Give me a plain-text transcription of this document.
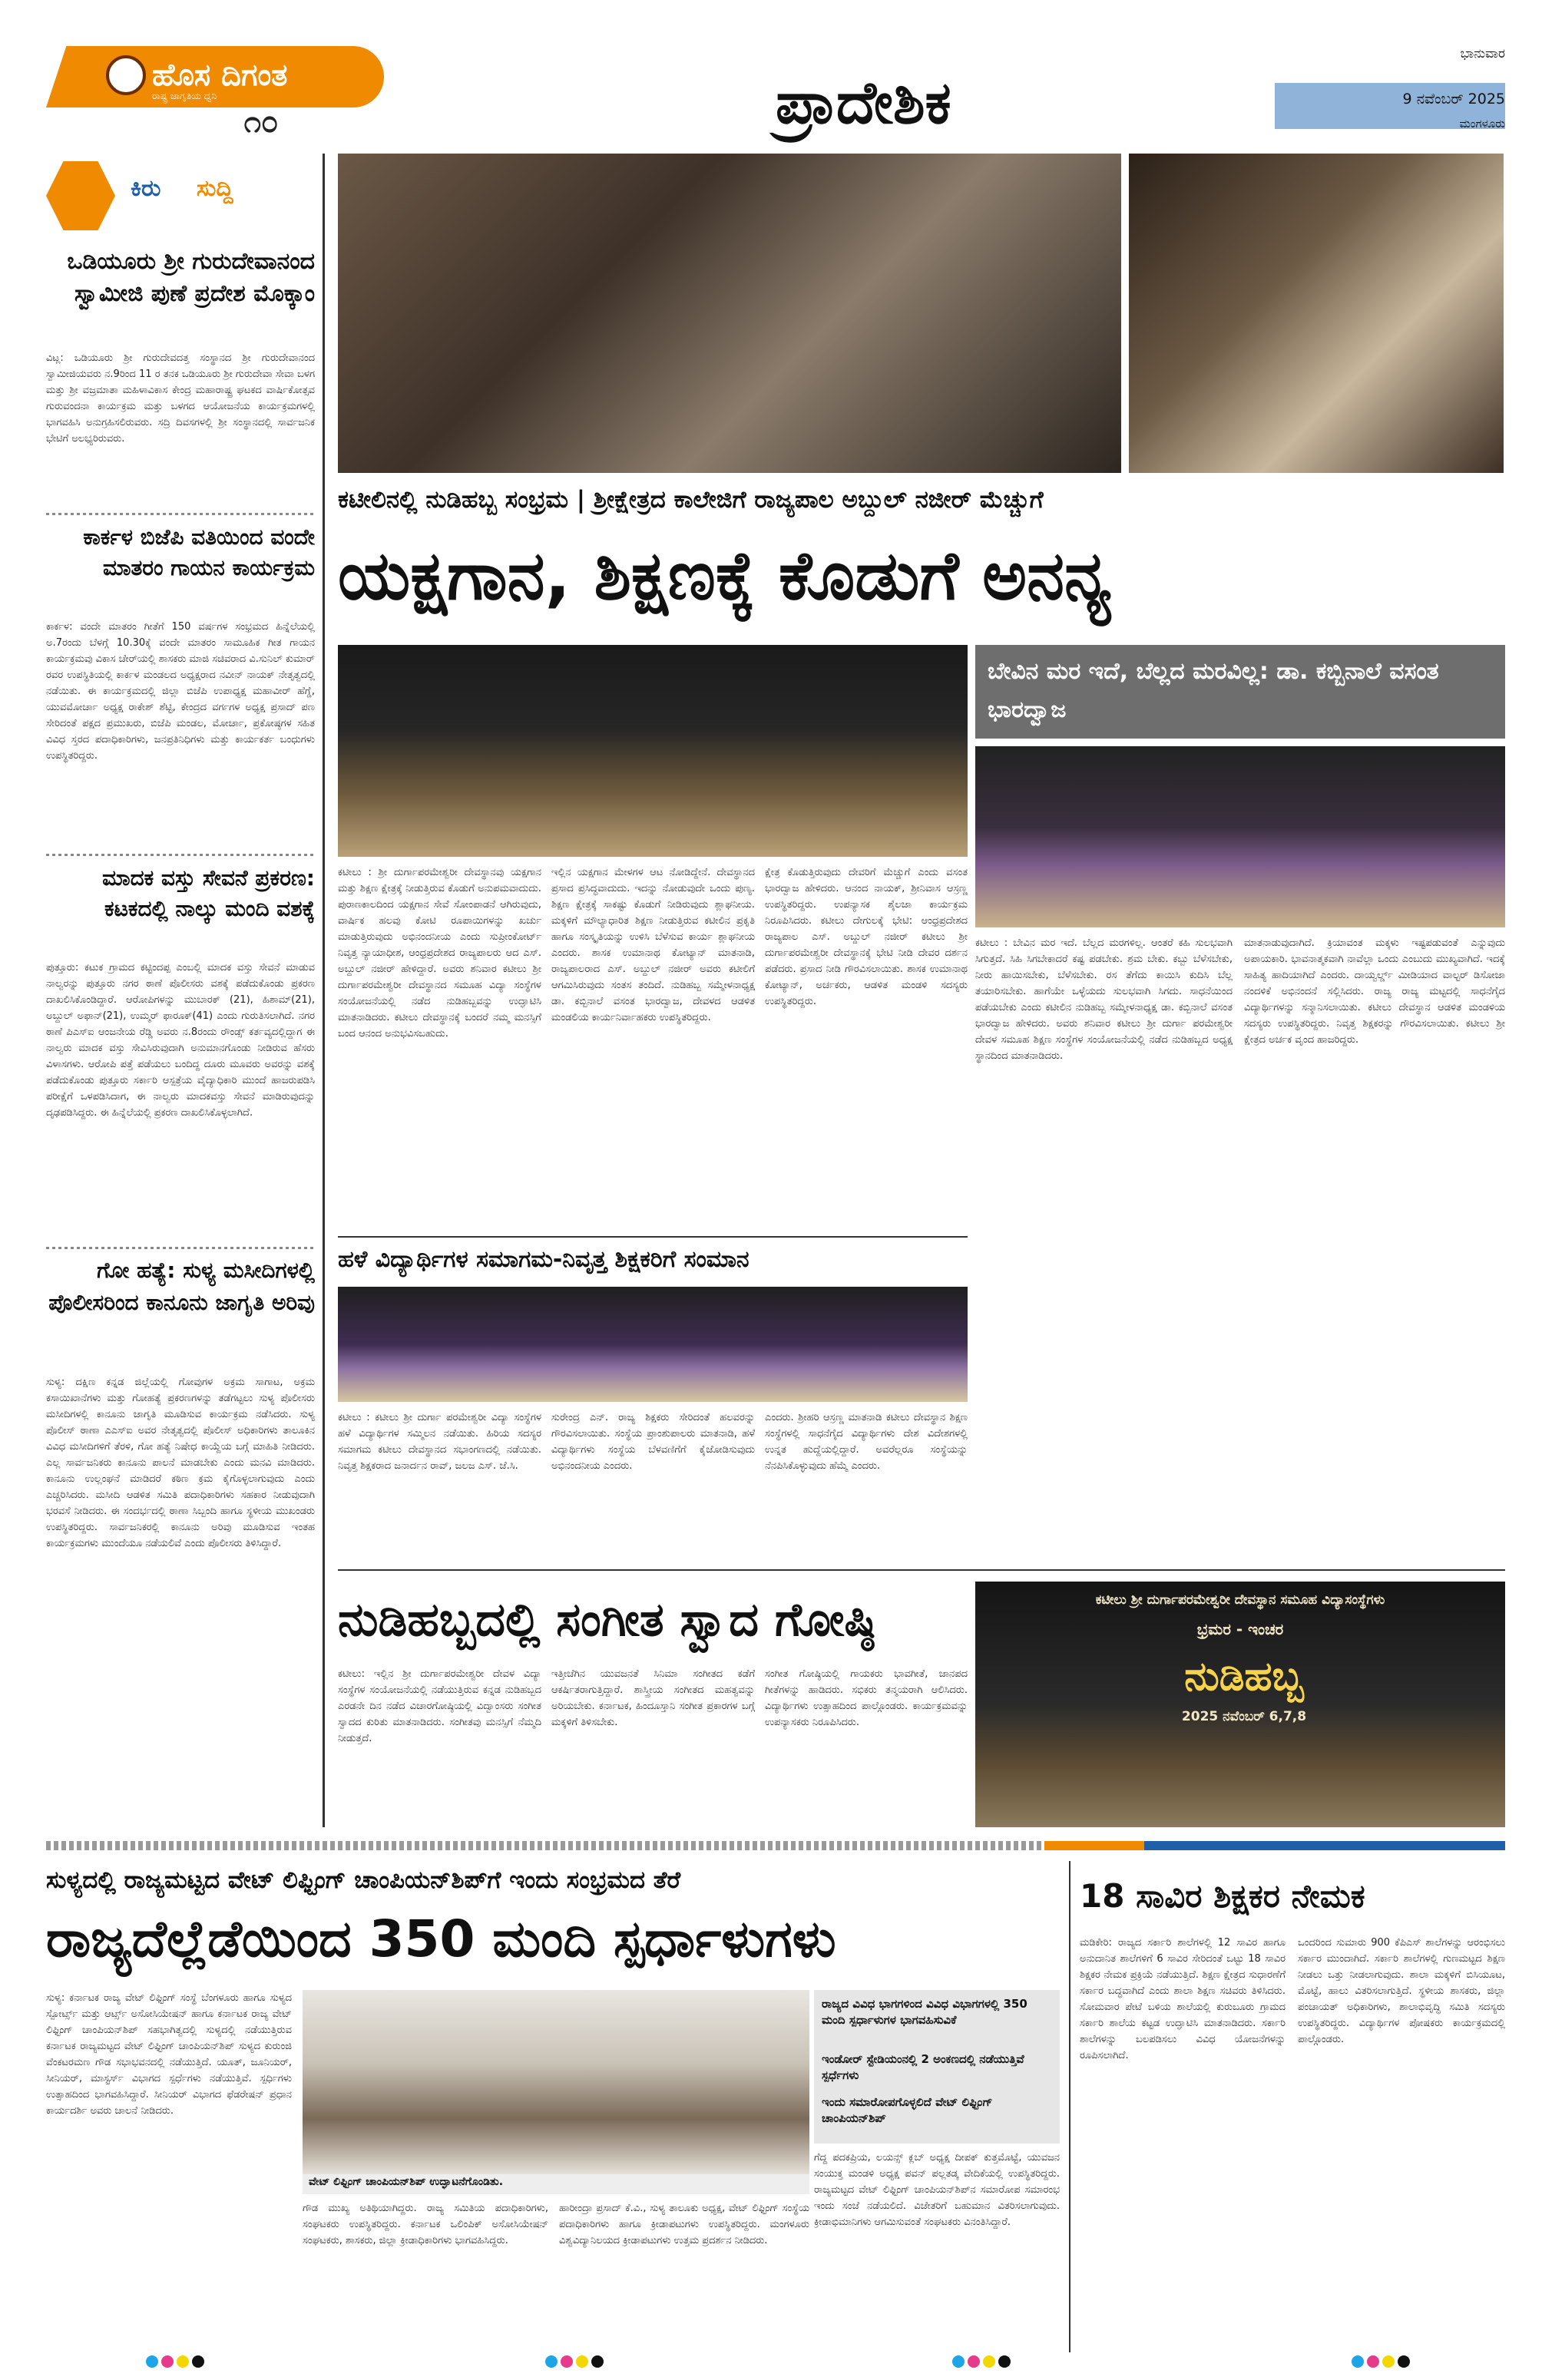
ಹೊಸ ದಿಗಂತ
ರಾಷ್ಟ್ರ ಜಾಗೃತಿಯ ಧ್ವನಿ
೧೦	ಪ್ರಾದೇಶಿಕ
ಭಾನುವಾರ
9 ನವೆಂಬರ್ 2025
ಮಂಗಳೂರು
ಕಿರು	ಸುದ್ದಿ
ಒಡಿಯೂರು ಶ್ರೀ ಗುರುದೇವಾನಂದ ಸ್ವಾಮೀಜಿ ಪುಣೆ ಪ್ರದೇಶ ಮೊಕ್ಕಾಂ
ವಿಟ್ಲ: ಒಡಿಯೂರು ಶ್ರೀ ಗುರುದೇವದತ್ತ ಸಂಸ್ಥಾನದ ಶ್ರೀ ಗುರುದೇವಾನಂದ ಸ್ವಾಮೀಜಿಯವರು ನ.9ರಿಂದ 11 ರ ತನಕ ಒಡಿಯೂರು ಶ್ರೀ ಗುರುದೇವಾ ಸೇವಾ ಬಳಗ ಮತ್ತು ಶ್ರೀ ವಜ್ರಮಾತಾ ಮಹಿಳಾವಿಕಾಸ ಕೇಂದ್ರ ಮಹಾರಾಷ್ಟ್ರ ಘಟಕದ ವಾರ್ಷಿಕೋತ್ಸವ ಗುರುವಂದನಾ ಕಾರ್ಯಕ್ರಮ ಮತ್ತು ಬಳಗದ ಆಯೋಜನೆಯ ಕಾರ್ಯಕ್ರಮಗಳಲ್ಲಿ ಭಾಗವಹಿಸಿ ಅನುಗ್ರಹಿಸಲಿರುವರು. ಸದ್ರಿ ದಿವಸಗಳಲ್ಲಿ ಶ್ರೀ ಸಂಸ್ಥಾನದಲ್ಲಿ ಸಾರ್ವಜನಿಕ ಭೇಟಿಗೆ ಅಲಭ್ಯರಿರುವರು.
ಕಾರ್ಕಳ ಬಿಜೆಪಿ ವತಿಯಿಂದ ವಂದೇ ಮಾತರಂ ಗಾಯನ ಕಾರ್ಯಕ್ರಮ
ಕಾರ್ಕಳ: ವಂದೇ ಮಾತರಂ ಗೀತೆಗೆ 150 ವರ್ಷಗಳ ಸಂಭ್ರಮದ ಹಿನ್ನೆಲೆಯಲ್ಲಿ ಅ.7ರಂದು ಬೆಳಗ್ಗೆ 10.30ಕ್ಕೆ ವಂದೇ ಮಾತರಂ ಸಾಮೂಹಿಕ ಗೀತ ಗಾಯನ ಕಾರ್ಯಕ್ರಮವು ವಿಕಾಸ ಚೇರ್‌ಯಲ್ಲಿ ಶಾಸಕರು ಮಾಜಿ ಸಚಿವರಾದ ವಿ.ಸುನಿಲ್ ಕುಮಾರ್ ರವರ ಉಪಸ್ಥಿತಿಯಲ್ಲಿ ಕಾರ್ಕಳ ಮಂಡಲದ ಅಧ್ಯಕ್ಷರಾದ ನವೀನ್ ನಾಯಕ್ ನೇತೃತ್ವದಲ್ಲಿ ನಡೆಯಿತು. ಈ ಕಾರ್ಯಕ್ರಮದಲ್ಲಿ ಜಿಲ್ಲಾ ಬಿಜೆಪಿ ಉಪಾಧ್ಯಕ್ಷ ಮಹಾವೀರ್ ಹೆಗ್ಡೆ, ಯುವಮೋರ್ಚಾ ಅಧ್ಯಕ್ಷ ರಾಕೇಶ್ ಶೆಟ್ಟಿ, ಕೇಂದ್ರದ ವರ್ಗಗಳ ಅಧ್ಯಕ್ಷ ಪ್ರಸಾದ್ ಪಣ ಸೇರಿದಂತೆ ಪಕ್ಷದ ಪ್ರಮುಖರು, ಬಿಜೆಪಿ ಮಂಡಲ, ಮೋರ್ಚಾ, ಪ್ರಕೋಷ್ಠಗಳ ಸಹಿತ ವಿವಿಧ ಸ್ತರದ ಪದಾಧಿಕಾರಿಗಳು, ಜನಪ್ರತಿನಿಧಿಗಳು ಮತ್ತು ಕಾರ್ಯಕರ್ತ ಬಂಧುಗಳು ಉಪಸ್ಥಿತರಿದ್ದರು.
ಮಾದಕ ವಸ್ತು ಸೇವನೆ ಪ್ರಕರಣ: ಕಟಕದಲ್ಲಿ ನಾಲ್ಕು ಮಂದಿ ವಶಕ್ಕೆ
ಪುತ್ತೂರು: ಕಟುಕ ಗ್ರಾಮದ ಕಟ್ಟಿಂದಪ್ಪ ಎಂಬಲ್ಲಿ ಮಾದಕ ವಸ್ತು ಸೇವನೆ ಮಾಡುವ ನಾಲ್ವರನ್ನು ಪುತ್ತೂರು ನಗರ ಠಾಣೆ ಪೊಲೀಸರು ವಶಕ್ಕೆ ಪಡೆದುಕೊಂಡು ಪ್ರಕರಣ ದಾಖಲಿಸಿಕೊಂಡಿದ್ದಾರೆ. ಆರೋಪಿಗಳನ್ನು ಮುಬಾರಕ್ (21), ಹಿಶಾಮ್(21), ಅಬ್ದುಲ್ ಅಫಾನ್(21), ಉಮ್ಮರ್ ಫಾರೂಕ್(41) ಎಂದು ಗುರುತಿಸಲಾಗಿದೆ. ನಗರ ಠಾಣೆ ಪಿಎಸ್ಐ ಆಂಜನೇಯ ರೆಡ್ಡಿ ಅವರು ನ.8ರಂದು ರೌಂಡ್ಸ್ ಕರ್ತವ್ಯದಲ್ಲಿದ್ದಾಗ ಈ ನಾಲ್ವರು ಮಾದಕ ವಸ್ತು ಸೇವಿಸಿರುವುದಾಗಿ ಅನುಮಾನಗೊಂಡು ನೀಡಿರುವ ಹೆಸರು ವಿಳಾಸಗಳು. ಆರೋಪಿ ಪತ್ತೆ ಪಡೆಯಲು ಬಂದಿದ್ದ ದೂರು ಮೂವರು ಅವರನ್ನು ವಶಕ್ಕೆ ಪಡೆದುಕೊಂಡು ಪುತ್ತೂರು ಸರ್ಕಾರಿ ಆಸ್ಪತ್ರೆಯ ವೈದ್ಯಾಧಿಕಾರಿ ಮುಂದೆ ಹಾಜರುಪಡಿಸಿ ಪರೀಕ್ಷೆಗೆ ಒಳಪಡಿಸಿದಾಗ, ಈ ನಾಲ್ವರು ಮಾದಕವಸ್ತು ಸೇವನೆ ಮಾಡಿರುವುದನ್ನು ದೃಢಪಡಿಸಿದ್ದರು. ಈ ಹಿನ್ನೆಲೆಯಲ್ಲಿ ಪ್ರಕರಣ ದಾಖಲಿಸಿಕೊಳ್ಳಲಾಗಿದೆ.
ಗೋ ಹತ್ಯೆ: ಸುಳ್ಯ ಮಸೀದಿಗಳಲ್ಲಿ ಪೊಲೀಸರಿಂದ ಕಾನೂನು ಜಾಗೃತಿ ಅರಿವು
ಸುಳ್ಯ: ದಕ್ಷಿಣ ಕನ್ನಡ ಜಿಲ್ಲೆಯಲ್ಲಿ ಗೋವುಗಳ ಅಕ್ರಮ ಸಾಗಾಟ, ಅಕ್ರಮ ಕಸಾಯಿಖಾನೆಗಳು ಮತ್ತು ಗೋಹತ್ಯೆ ಪ್ರಕರಣಗಳನ್ನು ತಡೆಗಟ್ಟಲು ಸುಳ್ಯ ಪೊಲೀಸರು ಮಸೀದಿಗಳಲ್ಲಿ ಕಾನೂನು ಜಾಗೃತಿ ಮೂಡಿಸುವ ಕಾರ್ಯಕ್ರಮ ನಡೆಸಿದರು. ಸುಳ್ಯ ಪೊಲೀಸ್ ಠಾಣಾ ಎಎಸ್ಐ ಅವರ ನೇತೃತ್ವದಲ್ಲಿ ಪೊಲೀಸ್ ಅಧಿಕಾರಿಗಳು ತಾಲೂಕಿನ ವಿವಿಧ ಮಸೀದಿಗಳಿಗೆ ತೆರಳಿ, ಗೋ ಹತ್ಯೆ ನಿಷೇಧ ಕಾಯ್ದೆಯ ಬಗ್ಗೆ ಮಾಹಿತಿ ನೀಡಿದರು. ಎಲ್ಲ ಸಾರ್ವಜನಿಕರು ಕಾನೂನು ಪಾಲನೆ ಮಾಡಬೇಕು ಎಂದು ಮನವಿ ಮಾಡಿದರು. ಕಾನೂನು ಉಲ್ಲಂಘನೆ ಮಾಡಿದರೆ ಕಠಿಣ ಕ್ರಮ ಕೈಗೊಳ್ಳಲಾಗುವುದು ಎಂದು ಎಚ್ಚರಿಸಿದರು. ಮಸೀದಿ ಆಡಳಿತ ಸಮಿತಿ ಪದಾಧಿಕಾರಿಗಳು ಸಹಕಾರ ನೀಡುವುದಾಗಿ ಭರವಸೆ ನೀಡಿದರು. ಈ ಸಂದರ್ಭದಲ್ಲಿ ಠಾಣಾ ಸಿಬ್ಬಂದಿ ಹಾಗೂ ಸ್ಥಳೀಯ ಮುಖಂಡರು ಉಪಸ್ಥಿತರಿದ್ದರು. ಸಾರ್ವಜನಿಕರಲ್ಲಿ ಕಾನೂನು ಅರಿವು ಮೂಡಿಸುವ ಇಂತಹ ಕಾರ್ಯಕ್ರಮಗಳು ಮುಂದೆಯೂ ನಡೆಯಲಿವೆ ಎಂದು ಪೊಲೀಸರು ತಿಳಿಸಿದ್ದಾರೆ.
ಕಟೀಲಿನಲ್ಲಿ ನುಡಿಹಬ್ಬ ಸಂಭ್ರಮ | ಶ್ರೀಕ್ಷೇತ್ರದ ಕಾಲೇಜಿಗೆ ರಾಜ್ಯಪಾಲ ಅಬ್ದುಲ್ ನಜೀರ್ ಮೆಚ್ಚುಗೆ
ಯಕ್ಷಗಾನ, ಶಿಕ್ಷಣಕ್ಕೆ ಕೊಡುಗೆ ಅನನ್ಯ
ಕಟೀಲು : ಶ್ರೀ ದುರ್ಗಾಪರಮೇಶ್ವರೀ ದೇವಸ್ಥಾನವು ಯಕ್ಷಗಾನ ಮತ್ತು ಶಿಕ್ಷಣ ಕ್ಷೇತ್ರಕ್ಕೆ ನೀಡುತ್ತಿರುವ ಕೊಡುಗೆ ಅನುಪಮವಾದುದು. ಪುರಾಣಕಾಲದಿಂದ ಯಕ್ಷಗಾನ ಸೇವೆ ಸೋಂಪಾಡನೆ ಆಗಿರುವುದು, ವಾರ್ಷಿಕ ಹಲವು ಕೋಟಿ ರೂಪಾಯಿಗಳನ್ನು ಖರ್ಚು ಮಾಡುತ್ತಿರುವುದು ಅಭಿನಂದನೀಯ ಎಂದು ಸುಪ್ರೀಂಕೋರ್ಟ್ ನಿವೃತ್ತ ನ್ಯಾಯಾಧೀಶ, ಆಂಧ್ರಪ್ರದೇಶದ ರಾಜ್ಯಪಾಲರು ಆದ ಎಸ್. ಅಬ್ದುಲ್ ನಜೀರ್ ಹೇಳಿದ್ದಾರೆ. ಅವರು ಶನಿವಾರ ಕಟೀಲು ಶ್ರೀ ದುರ್ಗಾಪರಮೇಶ್ವರೀ ದೇವಸ್ಥಾನದ ಸಮೂಹ ವಿದ್ಯಾ ಸಂಸ್ಥೆಗಳ ಸಂಯೋಜನೆಯಲ್ಲಿ ನಡೆದ ನುಡಿಹಬ್ಬವನ್ನು ಉದ್ಘಾಟಿಸಿ ಮಾತನಾಡಿದರು. ಕಟೀಲು ದೇವಸ್ಥಾನಕ್ಕೆ ಬಂದರೆ ನಮ್ಮ ಮನಸ್ಸಿಗೆ ಬಂದ ಆನಂದ ಅನುಭವಿಸಬಹುದು.
ಇಲ್ಲಿನ ಯಕ್ಷಗಾನ ಮೇಳಗಳ ಆಟ ನೋಡಿದ್ದೇನೆ. ದೇವಸ್ಥಾನದ ಪ್ರಸಾದ ಪ್ರಸಿದ್ಧವಾದುದು. ಇದನ್ನು ನೋಡುವುದೇ ಒಂದು ಪುಣ್ಯ. ಶಿಕ್ಷಣ ಕ್ಷೇತ್ರಕ್ಕೆ ಸಾಕಷ್ಟು ಕೊಡುಗೆ ನೀಡಿರುವುದು ಶ್ಲಾಘನೀಯ. ಮಕ್ಕಳಿಗೆ ಮೌಲ್ಯಾಧಾರಿತ ಶಿಕ್ಷಣ ನೀಡುತ್ತಿರುವ ಕಟೀಲಿನ ಪ್ರಕೃತಿ ಹಾಗೂ ಸಂಸ್ಕೃತಿಯನ್ನು ಉಳಿಸಿ ಬೆಳೆಸುವ ಕಾರ್ಯ ಶ್ಲಾಘನೀಯ ಎಂದರು. ಶಾಸಕ ಉಮಾನಾಥ ಕೋಟ್ಯಾನ್ ಮಾತನಾಡಿ, ರಾಜ್ಯಪಾಲರಾದ ಎಸ್. ಅಬ್ದುಲ್ ನಜೀರ್ ಅವರು ಕಟೀಲಿಗೆ ಆಗಮಿಸಿರುವುದು ಸಂತಸ ತಂದಿದೆ. ನುಡಿಹಬ್ಬ ಸಮ್ಮೇಳನಾಧ್ಯಕ್ಷ ಡಾ. ಕಬ್ಬಿನಾಲೆ ವಸಂತ ಭಾರದ್ವಾಜ, ದೇವಳದ ಆಡಳಿತ ಮಂಡಲಿಯ ಕಾರ್ಯನಿರ್ವಾಹಕರು ಉಪಸ್ಥಿತರಿದ್ದರು.
ಕ್ಷೇತ್ರ ಕೊಡುತ್ತಿರುವುದು ದೇವರಿಗೆ ಮೆಚ್ಚುಗೆ ಎಂದು ವಸಂತ ಭಾರದ್ವಾಜ ಹೇಳಿದರು. ಆನಂದ ನಾಯಕ್, ಶ್ರೀನಿವಾಸ ಆಸ್ರಣ್ಣ ಉಪಸ್ಥಿತರಿದ್ದರು. ಉಪನ್ಯಾಸಕ ಶೈಲಜಾ ಕಾರ್ಯಕ್ರಮ ನಿರೂಪಿಸಿದರು. ಕಟೀಲು ದೇಗುಲಕ್ಕೆ ಭೇಟಿ: ಆಂಧ್ರಪ್ರದೇಶದ ರಾಜ್ಯಪಾಲ ಎಸ್. ಅಬ್ದುಲ್ ನಜೀರ್ ಕಟೀಲು ಶ್ರೀ ದುರ್ಗಾಪರಮೇಶ್ವರೀ ದೇವಸ್ಥಾನಕ್ಕೆ ಭೇಟಿ ನೀಡಿ ದೇವರ ದರ್ಶನ ಪಡೆದರು. ಪ್ರಸಾದ ನೀಡಿ ಗೌರವಿಸಲಾಯಿತು. ಶಾಸಕ ಉಮಾನಾಥ ಕೋಟ್ಯಾನ್, ಅರ್ಚಕರು, ಆಡಳಿತ ಮಂಡಳಿ ಸದಸ್ಯರು ಉಪಸ್ಥಿತರಿದ್ದರು.
ಬೇವಿನ ಮರ ಇದೆ, ಬೆಲ್ಲದ ಮರವಿಲ್ಲ: ಡಾ. ಕಬ್ಬಿನಾಲೆ ವಸಂತ ಭಾರದ್ವಾಜ
ಕಟೀಲು : ಬೇವಿನ ಮರ ಇದೆ. ಬೆಲ್ಲದ ಮರಗಳಿಲ್ಲ. ಆಂತರೆ ಕಹಿ ಸುಲಭವಾಗಿ ಸಿಗುತ್ತದೆ. ಸಿಹಿ ಸಿಗಬೇಕಾದರೆ ಕಷ್ಟ ಪಡಬೇಕು. ಶ್ರಮ ಬೇಕು. ಕಬ್ಬು ಬೆಳೆಸಬೇಕು, ನೀರು ಹಾಯಿಸಬೇಕು, ಬೆಳೆಸಬೇಕು. ರಸ ತೆಗೆದು ಕಾಯಿಸಿ ಕುದಿಸಿ ಬೆಲ್ಲ ತಯಾರಿಸಬೇಕು. ಹಾಗೆಯೇ ಒಳ್ಳೆಯದು ಸುಲಭವಾಗಿ ಸಿಗದು. ಸಾಧನೆಯಿಂದ ಪಡೆಯಬೇಕು ಎಂದು ಕಟೀಲಿನ ನುಡಿಹಬ್ಬ ಸಮ್ಮೇಳನಾಧ್ಯಕ್ಷ ಡಾ. ಕಬ್ಬಿನಾಲೆ ವಸಂತ ಭಾರದ್ವಾಜ ಹೇಳಿದರು. ಅವರು ಶನಿವಾರ ಕಟೀಲು ಶ್ರೀ ದುರ್ಗಾ ಪರಮೇಶ್ವರೀ ದೇವಳ ಸಮೂಹ ಶಿಕ್ಷಣ ಸಂಸ್ಥೆಗಳ ಸಂಯೋಜನೆಯಲ್ಲಿ ನಡೆದ ನುಡಿಹಬ್ಬದ ಅಧ್ಯಕ್ಷ ಸ್ಥಾನದಿಂದ ಮಾತನಾಡಿದರು.
ಮಾತನಾಡುವುದಾಗಿದೆ. ಕ್ರಿಯಾವಂತ ಮಕ್ಕಳು ಇಷ್ಟಪಡುವಂತೆ ಎನ್ನುವುದು ಅಪಾಯಕಾರಿ. ಭಾವನಾತ್ಮಕವಾಗಿ ನಾವೆಲ್ಲಾ ಒಂದು ಎಂಬುದು ಮುಖ್ಯವಾಗಿದೆ. ಇದಕ್ಕೆ ಸಾಹಿತ್ಯ ಹಾದಿಯಾಗಿದೆ ಎಂದರು. ದಾಯ್ವರ್ಲ್ಡ್ ಮೀಡಿಯಾದ ವಾಲ್ಟರ್ ಡಿಸೋಜಾ ನಂದಳಿಕೆ ಅಭಿನಂದನೆ ಸಲ್ಲಿಸಿದರು. ರಾಜ್ಯ ರಾಜ್ಯ ಮಟ್ಟದಲ್ಲಿ ಸಾಧನೆಗೈದ ವಿದ್ಯಾರ್ಥಿಗಳನ್ನು ಸನ್ಮಾನಿಸಲಾಯಿತು. ಕಟೀಲು ದೇವಸ್ಥಾನ ಆಡಳಿತ ಮಂಡಳಿಯ ಸದಸ್ಯರು ಉಪಸ್ಥಿತರಿದ್ದರು. ನಿವೃತ್ತ ಶಿಕ್ಷಕರನ್ನು ಗೌರವಿಸಲಾಯಿತು. ಕಟೀಲು ಶ್ರೀ ಕ್ಷೇತ್ರದ ಅರ್ಚಕ ವೃಂದ ಹಾಜರಿದ್ದರು.
ಹಳೆ ವಿದ್ಯಾರ್ಥಿಗಳ ಸಮಾಗಮ-ನಿವೃತ್ತ ಶಿಕ್ಷಕರಿಗೆ ಸಂಮಾನ
ಕಟೀಲು : ಕಟೀಲು ಶ್ರೀ ದುರ್ಗಾ ಪರಮೇಶ್ವರೀ ವಿದ್ಯಾ ಸಂಸ್ಥೆಗಳ ಹಳೆ ವಿದ್ಯಾರ್ಥಿಗಳ ಸಮ್ಮಿಲನ ನಡೆಯಿತು. ಹಿರಿಯ ಸದಸ್ಯರ ಸಮಾಗಮ ಕಟೀಲು ದೇವಸ್ಥಾನದ ಸಭಾಂಗಣದಲ್ಲಿ ನಡೆಯಿತು. ನಿವೃತ್ತ ಶಿಕ್ಷಕರಾದ ಜನಾರ್ದನ ರಾವ್, ಜಲಜ ಎಸ್. ಜೆ.ಸಿ.
ಸುರೇಂದ್ರ ಎನ್. ರಾಜ್ಯ ಶಿಕ್ಷಕರು ಸೇರಿದಂತೆ ಹಲವರನ್ನು ಗೌರವಿಸಲಾಯಿತು. ಸಂಸ್ಥೆಯ ಪ್ರಾಂಶುಪಾಲರು ಮಾತನಾಡಿ, ಹಳೆ ವಿದ್ಯಾರ್ಥಿಗಳು ಸಂಸ್ಥೆಯ ಬೆಳವಣಿಗೆಗೆ ಕೈಜೋಡಿಸುವುದು ಅಭಿನಂದನೀಯ ಎಂದರು.
ಎಂದರು. ಶ್ರೀಹರಿ ಆಸ್ರಣ್ಣ ಮಾತನಾಡಿ ಕಟೀಲು ದೇವಸ್ಥಾನ ಶಿಕ್ಷಣ ಸಂಸ್ಥೆಗಳಲ್ಲಿ ಸಾಧನೆಗೈದ ವಿದ್ಯಾರ್ಥಿಗಳು ದೇಶ ವಿದೇಶಗಳಲ್ಲಿ ಉನ್ನತ ಹುದ್ದೆಯಲ್ಲಿದ್ದಾರೆ. ಅವರೆಲ್ಲರೂ ಸಂಸ್ಥೆಯನ್ನು ನೆನಪಿಸಿಕೊಳ್ಳುವುದು ಹೆಮ್ಮೆ ಎಂದರು.
ನುಡಿಹಬ್ಬದಲ್ಲಿ ಸಂಗೀತ ಸ್ವಾದ ಗೋಷ್ಠಿ
ಕಟೀಲು: ಇಲ್ಲಿನ ಶ್ರೀ ದುರ್ಗಾಪರಮೇಶ್ವರೀ ದೇವಳ ವಿದ್ಯಾ ಸಂಸ್ಥೆಗಳ ಸಂಯೋಜನೆಯಲ್ಲಿ ನಡೆಯುತ್ತಿರುವ ಕನ್ನಡ ನುಡಿಹಬ್ಬದ ಎರಡನೇ ದಿನ ನಡೆದ ವಿಚಾರಗೋಷ್ಠಿಯಲ್ಲಿ ವಿದ್ವಾಂಸರು ಸಂಗೀತ ಸ್ವಾದದ ಕುರಿತು ಮಾತನಾಡಿದರು. ಸಂಗೀತವು ಮನಸ್ಸಿಗೆ ನೆಮ್ಮದಿ ನೀಡುತ್ತದೆ.
ಇತ್ತೀಚೆಗಿನ ಯುವಜನತೆ ಸಿನಿಮಾ ಸಂಗೀತದ ಕಡೆಗೆ ಆಕರ್ಷಿತರಾಗುತ್ತಿದ್ದಾರೆ. ಶಾಸ್ತ್ರೀಯ ಸಂಗೀತದ ಮಹತ್ವವನ್ನು ಅರಿಯಬೇಕು. ಕರ್ನಾಟಕ, ಹಿಂದೂಸ್ತಾನಿ ಸಂಗೀತ ಪ್ರಕಾರಗಳ ಬಗ್ಗೆ ಮಕ್ಕಳಿಗೆ ತಿಳಿಸಬೇಕು.
ಸಂಗೀತ ಗೋಷ್ಠಿಯಲ್ಲಿ ಗಾಯಕರು ಭಾವಗೀತೆ, ಜಾನಪದ ಗೀತೆಗಳನ್ನು ಹಾಡಿದರು. ಸಭಿಕರು ತನ್ಮಯರಾಗಿ ಆಲಿಸಿದರು. ವಿದ್ಯಾರ್ಥಿಗಳು ಉತ್ಸಾಹದಿಂದ ಪಾಲ್ಗೊಂಡರು. ಕಾರ್ಯಕ್ರಮವನ್ನು ಉಪನ್ಯಾಸಕರು ನಿರೂಪಿಸಿದರು.
ಕಟೀಲು ಶ್ರೀ ದುರ್ಗಾಪರಮೇಶ್ವರೀ ದೇವಸ್ಥಾನ ಸಮೂಹ ವಿದ್ಯಾಸಂಸ್ಥೆಗಳು
ಭ್ರಮರ - ಇಂಚರ
ನುಡಿಹಬ್ಬ
2025 ನವೆಂಬರ್ 6,7,8
ಸುಳ್ಯದಲ್ಲಿ ರಾಜ್ಯಮಟ್ಟದ ವೇಟ್ ಲಿಫ್ಟಿಂಗ್ ಚಾಂಪಿಯನ್‌ಶಿಪ್‌ಗೆ ಇಂದು ಸಂಭ್ರಮದ ತೆರೆ
ರಾಜ್ಯದೆಲ್ಲೆಡೆಯಿಂದ 350 ಮಂದಿ ಸ್ಪರ್ಧಾಳುಗಳು
ಸುಳ್ಯ: ಕರ್ನಾಟಕ ರಾಜ್ಯ ವೇಟ್ ಲಿಫ್ಟಿಂಗ್ ಸಂಸ್ಥೆ ಬೆಂಗಳೂರು ಹಾಗೂ ಸುಳ್ಯದ ಸ್ಪೋರ್ಟ್ಸ್ ಮತ್ತು ಆರ್ಟ್ಸ್ ಅಸೋಸಿಯೇಷನ್ ಹಾಗೂ ಕರ್ನಾಟಕ ರಾಜ್ಯ ವೇಟ್ ಲಿಫ್ಟಿಂಗ್ ಚಾಂಪಿಯನ್‌ಶಿಪ್ ಸಹಭಾಗಿತ್ವದಲ್ಲಿ ಸುಳ್ಯದಲ್ಲಿ ನಡೆಯುತ್ತಿರುವ ಕರ್ನಾಟಕ ರಾಜ್ಯಮಟ್ಟದ ವೇಟ್ ಲಿಫ್ಟಿಂಗ್ ಚಾಂಪಿಯನ್‌ಶಿಪ್ ಸುಳ್ಯದ ಕುರುಂಜಿ ವೆಂಕಟರಮಣ ಗೌಡ ಸಭಾಭವನದಲ್ಲಿ ನಡೆಯುತ್ತಿದೆ. ಯೂತ್, ಜೂನಿಯರ್, ಸೀನಿಯರ್, ಮಾಸ್ಟರ್ಸ್ ವಿಭಾಗದ ಸ್ಪರ್ಧೆಗಳು ನಡೆಯುತ್ತಿವೆ. ಸ್ಪರ್ಧಿಗಳು ಉತ್ಸಾಹದಿಂದ ಭಾಗವಹಿಸಿದ್ದಾರೆ. ಸೀನಿಯರ್ ವಿಭಾಗದ ಫೆಡರೇಷನ್ ಪ್ರಧಾನ ಕಾರ್ಯದರ್ಶಿ ಅವರು ಚಾಲನೆ ನೀಡಿದರು.
ವೇಟ್ ಲಿಫ್ಟಿಂಗ್ ಚಾಂಪಿಯನ್‌ಶಿಪ್ ಉದ್ಘಾಟನೆಗೊಂಡಿತು.
ರಾಜ್ಯದ ವಿವಿಧ ಭಾಗಗಳಿಂದ ವಿವಿಧ ವಿಭಾಗಗಳಲ್ಲಿ 350 ಮಂದಿ ಸ್ಪರ್ಧಾಳುಗಳ ಭಾಗವಹಿಸುವಿಕೆ
ಇಂಡೋರ್ ಸ್ಟೇಡಿಯಂನಲ್ಲಿ 2 ಅಂಕಣದಲ್ಲಿ ನಡೆಯುತ್ತಿವೆ ಸ್ಪರ್ಧೆಗಳು
ಇಂದು ಸಮಾರೋಪಗೊಳ್ಳಲಿದೆ ವೇಟ್ ಲಿಫ್ಟಿಂಗ್ ಚಾಂಪಿಯನ್‌ಶಿಪ್
ಗೌಡ ಮುಖ್ಯ ಅತಿಥಿಯಾಗಿದ್ದರು. ರಾಜ್ಯ ಸಮಿತಿಯ ಪದಾಧಿಕಾರಿಗಳು, ಸಂಘಟಕರು ಉಪಸ್ಥಿತರಿದ್ದರು. ಕರ್ನಾಟಕ ಒಲಿಂಪಿಕ್ ಅಸೋಸಿಯೇಷನ್ ಸಂಘಟಕರು, ಶಾಸಕರು, ಜಿಲ್ಲಾ ಕ್ರೀಡಾಧಿಕಾರಿಗಳು ಭಾಗವಹಿಸಿದ್ದರು.
ಹಾರೀಂದ್ರಾ ಪ್ರಸಾದ್ ಕೆ.ವಿ., ಸುಳ್ಯ ತಾಲೂಕು ಅಧ್ಯಕ್ಷ, ವೇಟ್ ಲಿಫ್ಟಿಂಗ್ ಸಂಸ್ಥೆಯ ಪದಾಧಿಕಾರಿಗಳು ಹಾಗೂ ಕ್ರೀಡಾಪಟುಗಳು ಉಪಸ್ಥಿತರಿದ್ದರು. ಮಂಗಳೂರು ವಿಶ್ವವಿದ್ಯಾನಿಲಯದ ಕ್ರೀಡಾಪಟುಗಳು ಉತ್ತಮ ಪ್ರದರ್ಶನ ನೀಡಿದರು.
ಗೆದ್ದ ಪದಕಪ್ರಿಯ, ಲಯನ್ಸ್ ಕ್ಲಬ್ ಅಧ್ಯಕ್ಷ ದೀಪಕ್ ಕುತ್ತಮೊಟ್ಟೆ, ಯುವಜನ ಸಂಯುಕ್ತ ಮಂಡಳಿ ಅಧ್ಯಕ್ಷ ಪವನ್ ಪಲ್ಲತಡ್ಕ ವೇದಿಕೆಯಲ್ಲಿ ಉಪಸ್ಥಿತರಿದ್ದರು. ರಾಜ್ಯಮಟ್ಟದ ವೇಟ್ ಲಿಫ್ಟಿಂಗ್ ಚಾಂಪಿಯನ್‌ಶಿಪ್‌ನ ಸಮಾರೋಪ ಸಮಾರಂಭ ಇಂದು ಸಂಜೆ ನಡೆಯಲಿದೆ. ವಿಜೇತರಿಗೆ ಬಹುಮಾನ ವಿತರಿಸಲಾಗುವುದು. ಕ್ರೀಡಾಭಿಮಾನಿಗಳು ಆಗಮಿಸುವಂತೆ ಸಂಘಟಕರು ವಿನಂತಿಸಿದ್ದಾರೆ.
18 ಸಾವಿರ ಶಿಕ್ಷಕರ ನೇಮಕ
ಮಡಿಕೇರಿ: ರಾಜ್ಯದ ಸರ್ಕಾರಿ ಶಾಲೆಗಳಲ್ಲಿ 12 ಸಾವಿರ ಹಾಗೂ ಅನುದಾನಿತ ಶಾಲೆಗಳಿಗೆ 6 ಸಾವಿರ ಸೇರಿದಂತೆ ಒಟ್ಟು 18 ಸಾವಿರ ಶಿಕ್ಷಕರ ನೇಮಕ ಪ್ರಕ್ರಿಯೆ ನಡೆಯುತ್ತಿದೆ. ಶಿಕ್ಷಣ ಕ್ಷೇತ್ರದ ಸುಧಾರಣೆಗೆ ಸರ್ಕಾರ ಬದ್ಧವಾಗಿದೆ ಎಂದು ಶಾಲಾ ಶಿಕ್ಷಣ ಸಚಿವರು ತಿಳಿಸಿದರು. ಸೋಮವಾರ ಪೇಟೆ ಬಳಿಯ ಶಾಲೆಯಲ್ಲಿ ಕುರುಬೂರು ಗ್ರಾಮದ ಸರ್ಕಾರಿ ಶಾಲೆಯ ಕಟ್ಟಡ ಉದ್ಘಾಟಿಸಿ ಮಾತನಾಡಿದರು. ಸರ್ಕಾರಿ ಶಾಲೆಗಳನ್ನು ಬಲಪಡಿಸಲು ವಿವಿಧ ಯೋಜನೆಗಳನ್ನು ರೂಪಿಸಲಾಗಿದೆ.
ಒಂದರಿಂದ ಸುಮಾರು 900 ಕೆಪಿಎಸ್ ಶಾಲೆಗಳನ್ನು ಆರಂಭಿಸಲು ಸರ್ಕಾರ ಮುಂದಾಗಿದೆ. ಸರ್ಕಾರಿ ಶಾಲೆಗಳಲ್ಲಿ ಗುಣಮಟ್ಟದ ಶಿಕ್ಷಣ ನೀಡಲು ಒತ್ತು ನೀಡಲಾಗುವುದು. ಶಾಲಾ ಮಕ್ಕಳಿಗೆ ಬಿಸಿಯೂಟ, ಮೊಟ್ಟೆ, ಹಾಲು ವಿತರಿಸಲಾಗುತ್ತಿದೆ. ಸ್ಥಳೀಯ ಶಾಸಕರು, ಜಿಲ್ಲಾ ಪಂಚಾಯತ್ ಅಧಿಕಾರಿಗಳು, ಶಾಲಾಭಿವೃದ್ಧಿ ಸಮಿತಿ ಸದಸ್ಯರು ಉಪಸ್ಥಿತರಿದ್ದರು. ವಿದ್ಯಾರ್ಥಿಗಳ ಪೋಷಕರು ಕಾರ್ಯಕ್ರಮದಲ್ಲಿ ಪಾಲ್ಗೊಂಡರು.
